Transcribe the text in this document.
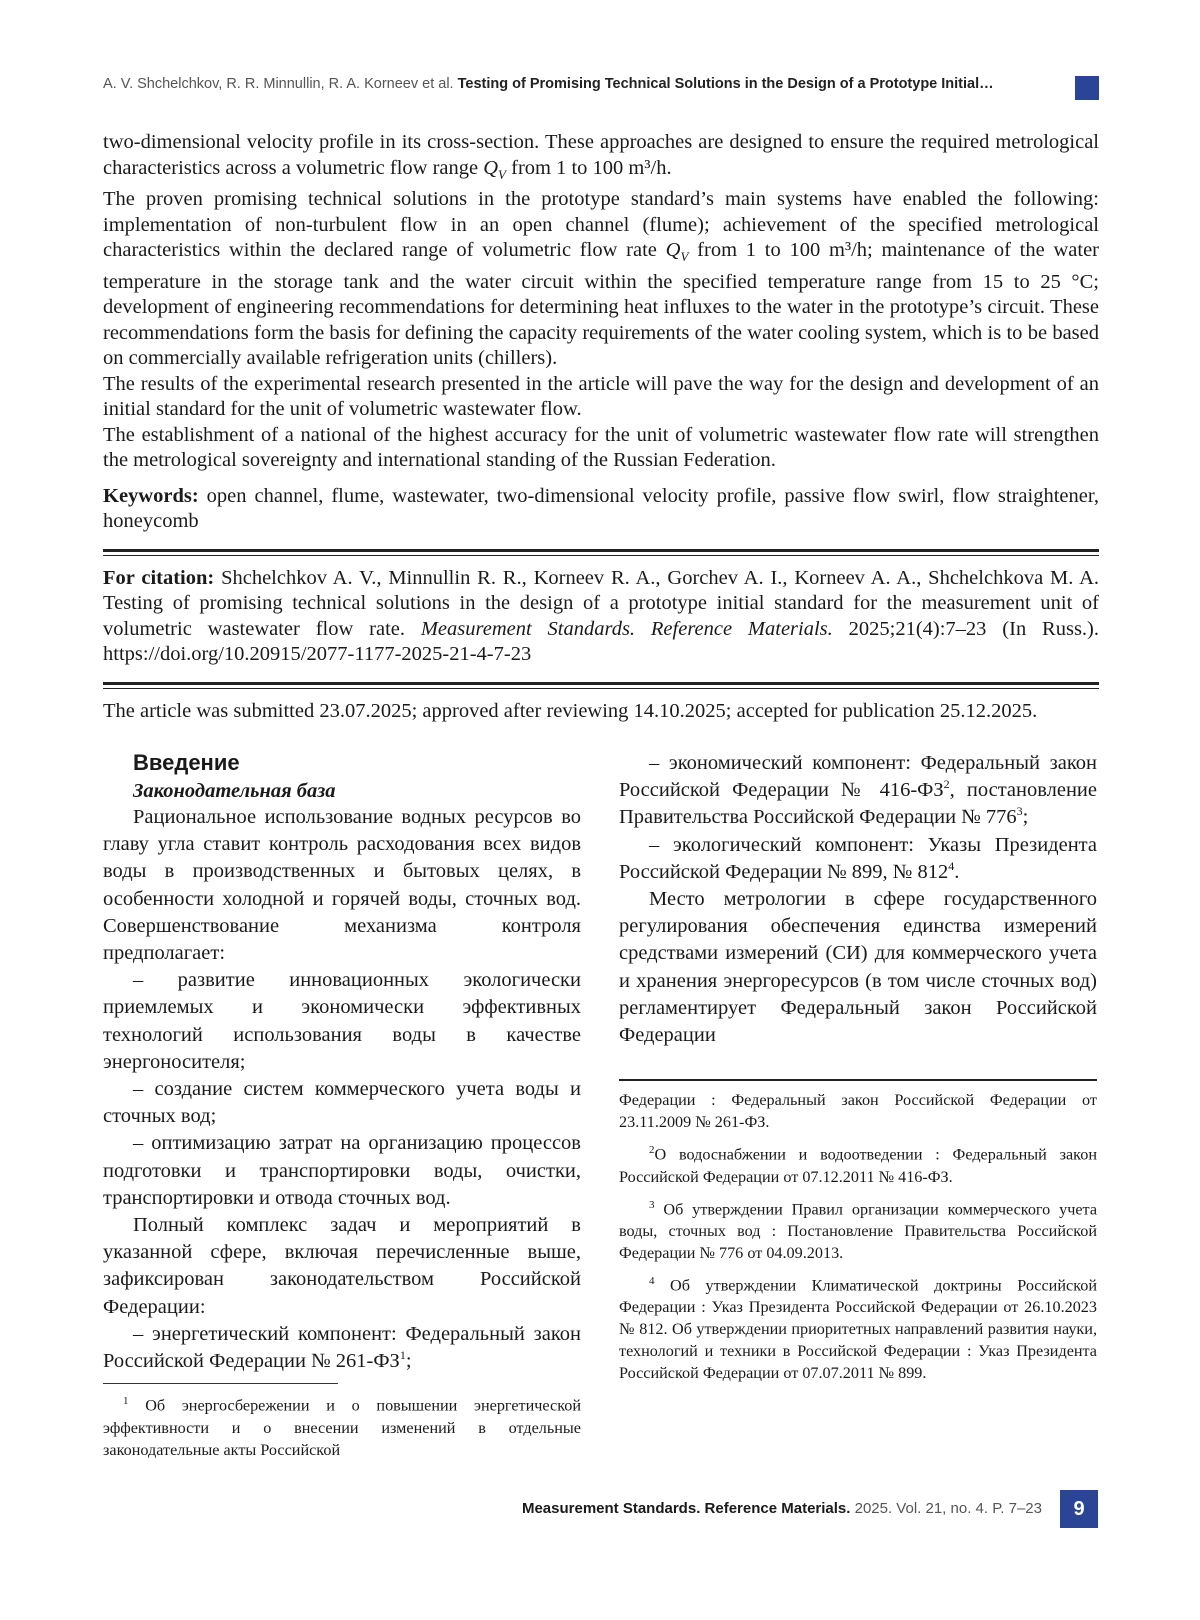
A. V. Shchelchkov, R. R. Minnullin, R. A. Korneev et al. Testing of Promising Technical Solutions in the Design of a Prototype Initial…

two-dimensional velocity profile in its cross-section. These approaches are designed to ensure the required metrological characteristics across a volumetric flow range $Q_V$ from 1 to 100 m³/h.

The proven promising technical solutions in the prototype standard’s main systems have enabled the following: implementation of non-turbulent flow in an open channel (flume); achievement of the specified metrological characteristics within the declared range of volumetric flow rate $Q_V$ from 1 to 100 m³/h; maintenance of the water temperature in the storage tank and the water circuit within the specified temperature range from 15 to 25 °C; development of engineering recommendations for determining heat influxes to the water in the prototype’s circuit. These recommendations form the basis for defining the capacity requirements of the water cooling system, which is to be based on commercially available refrigeration units (chillers).

The results of the experimental research presented in the article will pave the way for the design and development of an initial standard for the unit of volumetric wastewater flow.

The establishment of a national of the highest accuracy for the unit of volumetric wastewater flow rate will strengthen the metrological sovereignty and international standing of the Russian Federation.

Keywords: open channel, flume, wastewater, two-dimensional velocity profile, passive flow swirl, flow straightener, honeycomb

For citation: Shchelchkov A. V., Minnullin R. R., Korneev R. A., Gorchev A. I., Korneev A. A., Shchelchkova M. A. Testing of promising technical solutions in the design of a prototype initial standard for the measurement unit of volumetric wastewater flow rate. Measurement Standards. Reference Materials. 2025;21(4):7–23 (In Russ.). https://doi.org/10.20915/2077-1177-2025-21-4-7-23

The article was submitted 23.07.2025; approved after reviewing 14.10.2025; accepted for publication 25.12.2025.

Введение

Законодательная база

Рациональное использование водных ресурсов во главу угла ставит контроль расходования всех видов воды в производственных и бытовых целях, в особенности холодной и горячей воды, сточных вод. Совершенствование механизма контроля предполагает:

– развитие инновационных экологически приемлемых и экономически эффективных технологий использования воды в качестве энергоносителя;

– создание систем коммерческого учета воды и сточных вод;

– оптимизацию затрат на организацию процессов подготовки и транспортировки воды, очистки, транспортировки и отвода сточных вод.

Полный комплекс задач и мероприятий в указанной сфере, включая перечисленные выше, зафиксирован законодательством Российской Федерации:

– энергетический компонент: Федеральный закон Российской Федерации № $261-ФЗ^1$;

$^1$ Об энергосбережении и о повышении энергетической эффективности и о внесении изменений в отдельные законодательные акты Российской

– экономический компонент: Федеральный закон Российской Федерации № $416-ФЗ^2$, постановление Правительства Российской Федерации № $776^3$;

– экологический компонент: Указы Президента Российской Федерации № 899, № $812^4$.

Место метрологии в сфере государственного регулирования обеспечения единства измерений средствами измерений (СИ) для коммерческого учета и хранения энергоресурсов (в том числе сточных вод) регламентирует Федеральный закон Российской Федерации

Федерации : Федеральный закон Российской Федерации от 23.11.2009 № 261-ФЗ.

$^2$О водоснабжении и водоотведении : Федеральный закон Российской Федерации от 07.12.2011 № 416-ФЗ.

$^3$ Об утверждении Правил организации коммерческого учета воды, сточных вод : Постановление Правительства Российской Федерации № 776 от 04.09.2013.

$^4$ Об утверждении Климатической доктрины Российской Федерации : Указ Президента Российской Федерации от 26.10.2023 № 812. Об утверждении приоритетных направлений развития науки, технологий и техники в Российской Федерации : Указ Президента Российской Федерации от 07.07.2011 № 899.

Measurement Standards. Reference Materials. 2025. Vol. 21, no. 4. P. 7–23	9
